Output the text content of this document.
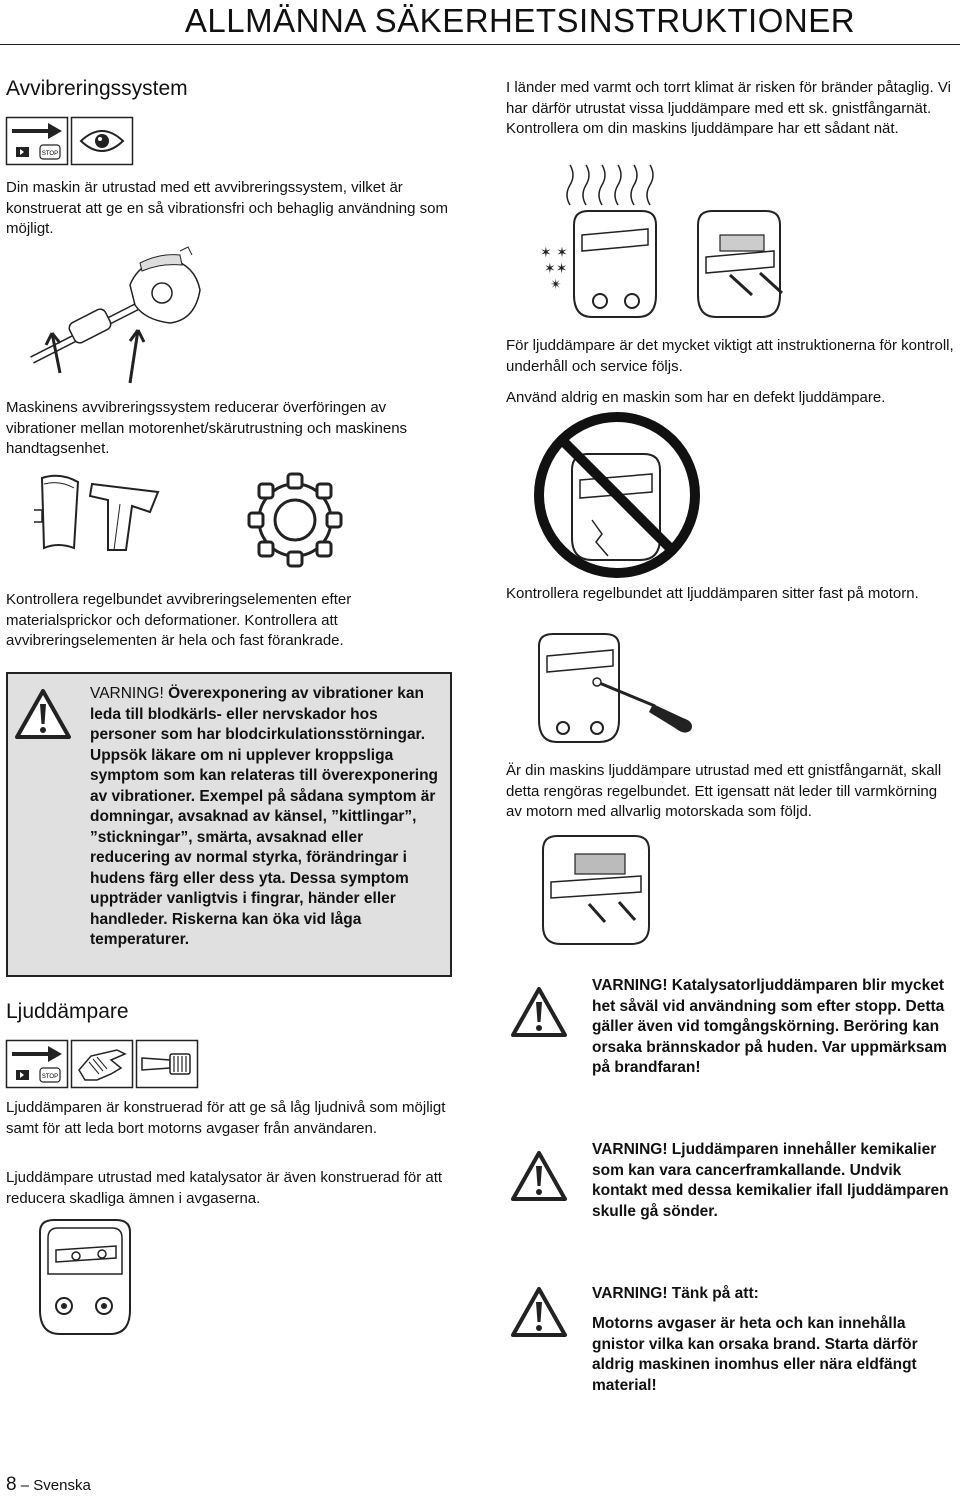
ALLMÄNNA SÄKERHETSINSTRUKTIONER
Avvibreringssystem
STOP
Din maskin är utrustad med ett avvibreringssystem, vilket är konstruerat att ge en så vibrationsfri och behaglig användning som möjligt.
Maskinens avvibreringssystem reducerar överföringen av vibrationer mellan motorenhet/skärutrustning och maskinens handtagsenhet.
Kontrollera regelbundet avvibreringselementen efter materialsprickor och deformationer. Kontrollera att avvibreringselementen är hela och fast förankrade.
VARNING! Överexponering av vibrationer kan leda till blodkärls- eller nervskador hos personer som har blodcirkulationsstörningar. Uppsök läkare om ni upplever kroppsliga symptom som kan relateras till överexponering av vibrationer. Exempel på sådana symptom är domningar, avsaknad av känsel, ”kittlingar”, ”stickningar”, smärta, avsaknad eller reducering av normal styrka, förändringar i hudens färg eller dess yta. Dessa symptom uppträder vanligtvis i fingrar, händer eller handleder. Riskerna kan öka vid låga temperaturer.
Ljuddämpare
STOP
Ljuddämparen är konstruerad för att ge så låg ljudnivå som möjligt samt för att leda bort motorns avgaser från användaren.
Ljuddämpare utrustad med katalysator är även konstruerad för att reducera skadliga ämnen i avgaserna.
I länder med varmt och torrt klimat är risken för bränder påtaglig. Vi har därför utrustat vissa ljuddämpare med ett sk. gnistfångarnät. Kontrollera om din maskins ljuddämpare har ett sådant nät.
✶ ✶
✶✶
✴
För ljuddämpare är det mycket viktigt att instruktionerna för kontroll, underhåll och service följs.
Använd aldrig en maskin som har en defekt ljuddämpare.
Kontrollera regelbundet att ljuddämparen sitter fast på motorn.
Är din maskins ljuddämpare utrustad med ett gnistfångarnät, skall detta rengöras regelbundet. Ett igensatt nät leder till varmkörning av motorn med allvarlig motorskada som följd.
VARNING! Katalysatorljuddämparen blir mycket het såväl vid användning som efter stopp. Detta gäller även vid tomgångskörning. Beröring kan orsaka brännskador på huden. Var uppmärksam på brandfaran!
VARNING! Ljuddämparen innehåller kemikalier som kan vara cancerframkallande. Undvik kontakt med dessa kemikalier ifall ljuddämparen skulle gå sönder.
VARNING! Tänk på att:
Motorns avgaser är heta och kan innehålla gnistor vilka kan orsaka brand. Starta därför aldrig maskinen inomhus eller nära eldfängt material!
8 – Svenska
